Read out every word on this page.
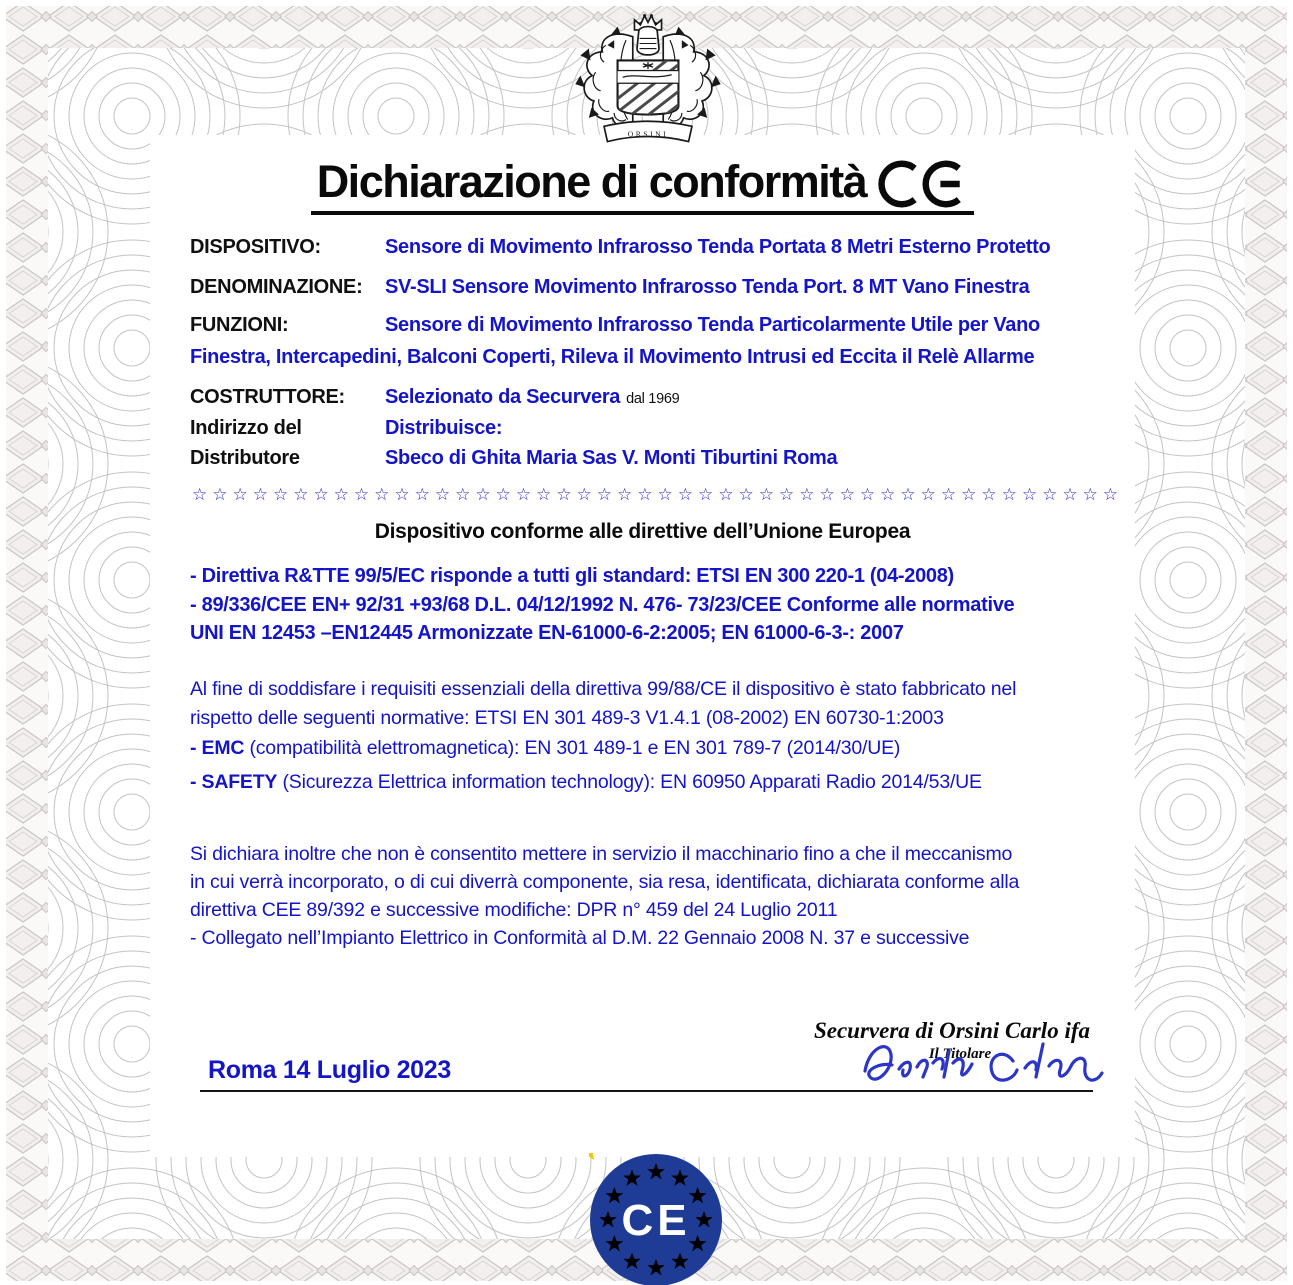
Dichiarazione di conformità
DISPOSITIVO:	Sensore di Movimento Infrarosso Tenda Portata 8 Metri Esterno Protetto
DENOMINAZIONE: SV-SLI Sensore Movimento Infrarosso Tenda Port. 8 MT Vano Finestra
FUNZIONI:	Sensore di Movimento Infrarosso Tenda Particolarmente Utile per Vano
Finestra, Intercapedini, Balconi Coperti, Rileva il Movimento Intrusi ed Eccita il Relè Allarme
COSTRUTTORE: Selezionato da Securvera dal 1969
Indirizzo del	Distribuisce:
Distributore	Sbeco di Ghita Maria Sas V. Monti Tiburtini Roma
☆☆☆☆☆☆☆☆☆☆☆☆☆☆☆☆☆☆☆☆☆☆☆☆☆☆☆☆☆☆☆☆☆☆☆☆☆☆☆☆☆☆☆☆☆☆
Dispositivo conforme alle direttive dell’Unione Europea
- Direttiva R&TTE 99/5/EC risponde a tutti gli standard: ETSI EN 300 220-1 (04-2008)
- 89/336/CEE EN+ 92/31 +93/68 D.L. 04/12/1992 N. 476- 73/23/CEE Conforme alle normative
UNI EN 12453 –EN12445 Armonizzate EN-61000-6-2:2005; EN 61000-6-3-: 2007
Al fine di soddisfare i requisiti essenziali della direttiva 99/88/CE il dispositivo è stato fabbricato nel
rispetto delle seguenti normative: ETSI EN 301 489-3 V1.4.1 (08-2002) EN 60730-1:2003
- EMC (compatibilità elettromagnetica): EN 301 489-1 e EN 301 789-7 (2014/30/UE)
- SAFETY (Sicurezza Elettrica information technology): EN 60950 Apparati Radio 2014/53/UE
Si dichiara inoltre che non è consentito mettere in servizio il macchinario fino a che il meccanismo
in cui verrà incorporato, o di cui diverrà componente, sia resa, identificata, dichiarata conforme alla
direttiva CEE 89/392 e successive modifiche: DPR n° 459 del 24 Luglio 2011
- Collegato nell’Impianto Elettrico in Conformità al D.M. 22 Gennaio 2008 N. 37 e successive
Securvera di Orsini Carlo ifa
Il Titolare
Roma 14 Luglio 2023
ORSINI
CE
